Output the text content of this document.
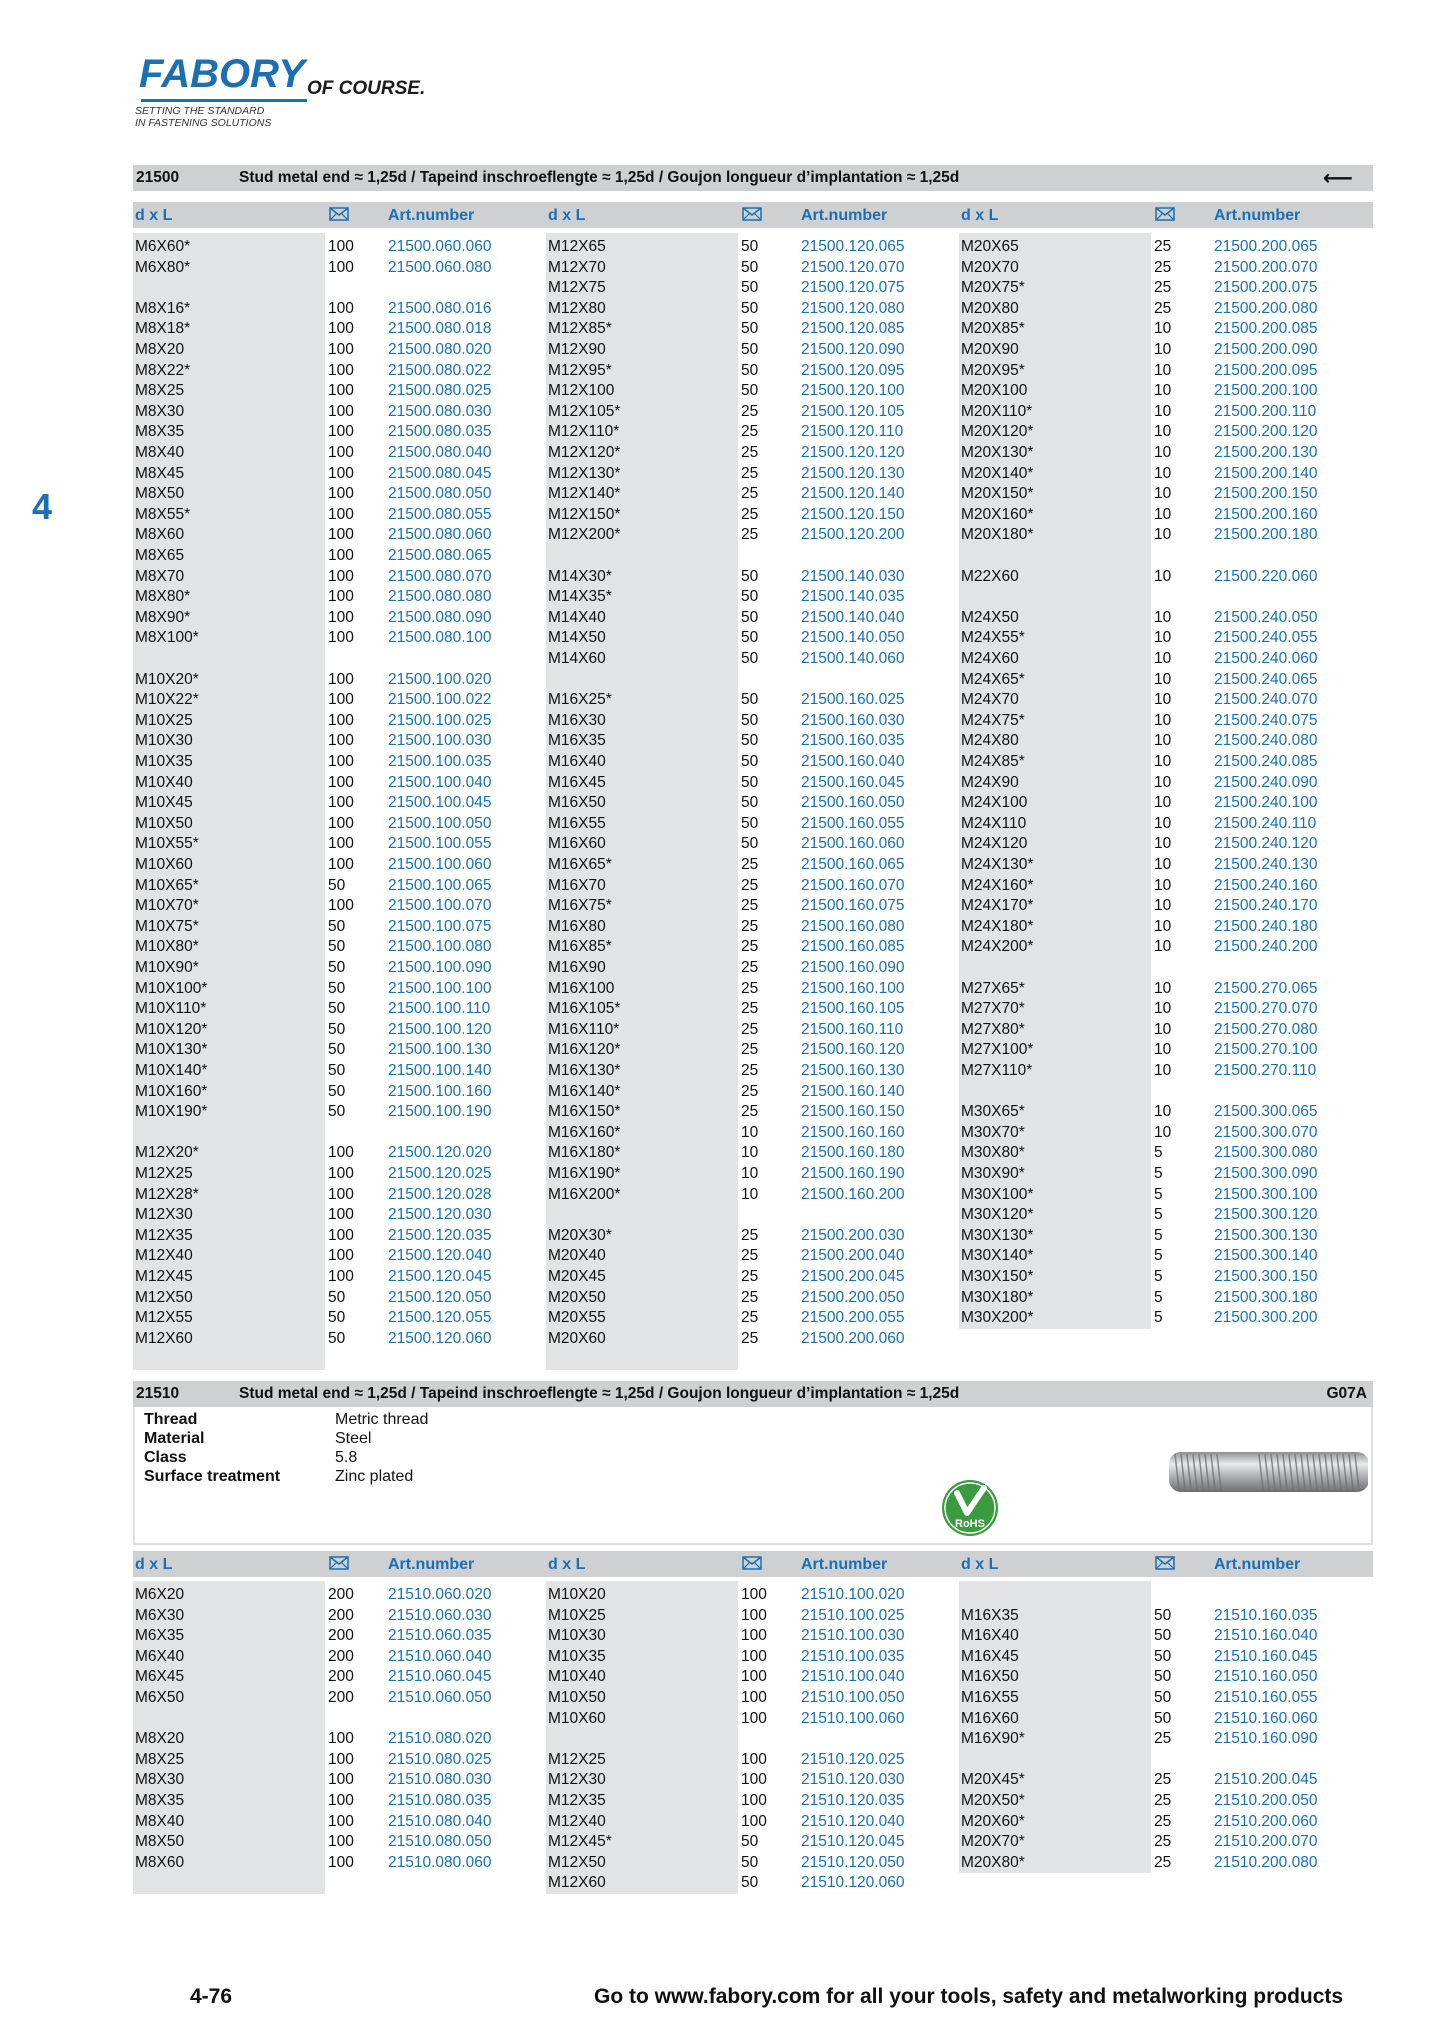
FABORY OF COURSE.
SETTING THE STANDARD
IN FASTENING SOLUTIONS
4
21500	Stud metal end ≈ 1,25d / Tapeind inschroeflengte ≈ 1,25d / Goujon longueur d’implantation ≈ 1,25d	⟵
d x L	Art.number	d x L	Art.number	d x L	Art.number
M6X60*	100 21500.060.060
M6X80*	100 21500.060.080
M8X16*	100 21500.080.016
M8X18*	100 21500.080.018
M8X20	100 21500.080.020
M8X22*	100 21500.080.022
M8X25	100 21500.080.025
M8X30	100 21500.080.030
M8X35	100 21500.080.035
M8X40	100 21500.080.040
M8X45	100 21500.080.045
M8X50	100 21500.080.050
M8X55*	100 21500.080.055
M8X60	100 21500.080.060
M8X65	100 21500.080.065
M8X70	100 21500.080.070
M8X80*	100 21500.080.080
M8X90*	100 21500.080.090
M8X100*	100 21500.080.100
M10X20*	100 21500.100.020
M10X22*	100 21500.100.022
M10X25	100 21500.100.025
M10X30	100 21500.100.030
M10X35	100 21500.100.035
M10X40	100 21500.100.040
M10X45	100 21500.100.045
M10X50	100 21500.100.050
M10X55*	100 21500.100.055
M10X60	100 21500.100.060
M10X65*	50	21500.100.065
M10X70*	100 21500.100.070
M10X75*	50	21500.100.075
M10X80*	50	21500.100.080
M10X90*	50	21500.100.090
M10X100*	50	21500.100.100
M10X110*	50	21500.100.110
M10X120*	50	21500.100.120
M10X130*	50	21500.100.130
M10X140*	50	21500.100.140
M10X160*	50	21500.100.160
M10X190*	50	21500.100.190
M12X20*	100 21500.120.020
M12X25	100 21500.120.025
M12X28*	100 21500.120.028
M12X30	100 21500.120.030
M12X35	100 21500.120.035
M12X40	100 21500.120.040
M12X45	100 21500.120.045
M12X50	50	21500.120.050
M12X55	50	21500.120.055
M12X60	50	21500.120.060
M12X65	50	21500.120.065
M12X70	50	21500.120.070
M12X75	50	21500.120.075
M12X80	50	21500.120.080
M12X85*	50	21500.120.085
M12X90	50	21500.120.090
M12X95*	50	21500.120.095
M12X100	50	21500.120.100
M12X105*	25	21500.120.105
M12X110*	25	21500.120.110
M12X120*	25	21500.120.120
M12X130*	25	21500.120.130
M12X140*	25	21500.120.140
M12X150*	25	21500.120.150
M12X200*	25	21500.120.200
M14X30*	50	21500.140.030
M14X35*	50	21500.140.035
M14X40	50	21500.140.040
M14X50	50	21500.140.050
M14X60	50	21500.140.060
M16X25*	50	21500.160.025
M16X30	50	21500.160.030
M16X35	50	21500.160.035
M16X40	50	21500.160.040
M16X45	50	21500.160.045
M16X50	50	21500.160.050
M16X55	50	21500.160.055
M16X60	50	21500.160.060
M16X65*	25	21500.160.065
M16X70	25	21500.160.070
M16X75*	25	21500.160.075
M16X80	25	21500.160.080
M16X85*	25	21500.160.085
M16X90	25	21500.160.090
M16X100	25	21500.160.100
M16X105*	25	21500.160.105
M16X110*	25	21500.160.110
M16X120*	25	21500.160.120
M16X130*	25	21500.160.130
M16X140*	25	21500.160.140
M16X150*	25	21500.160.150
M16X160*	10	21500.160.160
M16X180*	10	21500.160.180
M16X190*	10	21500.160.190
M16X200*	10	21500.160.200
M20X30*	25	21500.200.030
M20X40	25	21500.200.040
M20X45	25	21500.200.045
M20X50	25	21500.200.050
M20X55	25	21500.200.055
M20X60	25	21500.200.060
M20X65	25	21500.200.065
M20X70	25	21500.200.070
M20X75*	25	21500.200.075
M20X80	25	21500.200.080
M20X85*	10	21500.200.085
M20X90	10	21500.200.090
M20X95*	10	21500.200.095
M20X100	10	21500.200.100
M20X110*	10	21500.200.110
M20X120*	10	21500.200.120
M20X130*	10	21500.200.130
M20X140*	10	21500.200.140
M20X150*	10	21500.200.150
M20X160*	10	21500.200.160
M20X180*	10	21500.200.180
M22X60	10	21500.220.060
M24X50	10	21500.240.050
M24X55*	10	21500.240.055
M24X60	10	21500.240.060
M24X65*	10	21500.240.065
M24X70	10	21500.240.070
M24X75*	10	21500.240.075
M24X80	10	21500.240.080
M24X85*	10	21500.240.085
M24X90	10	21500.240.090
M24X100	10	21500.240.100
M24X110	10	21500.240.110
M24X120	10	21500.240.120
M24X130*	10	21500.240.130
M24X160*	10	21500.240.160
M24X170*	10	21500.240.170
M24X180*	10	21500.240.180
M24X200*	10	21500.240.200
M27X65*	10	21500.270.065
M27X70*	10	21500.270.070
M27X80*	10	21500.270.080
M27X100*	10	21500.270.100
M27X110*	10	21500.270.110
M30X65*	10	21500.300.065
M30X70*	10	21500.300.070
M30X80*	5	21500.300.080
M30X90*	5	21500.300.090
M30X100*	5	21500.300.100
M30X120*	5	21500.300.120
M30X130*	5	21500.300.130
M30X140*	5	21500.300.140
M30X150*	5	21500.300.150
M30X180*	5	21500.300.180
M30X200*	5	21500.300.200
21510	Stud metal end ≈ 1,25d / Tapeind inschroeflengte ≈ 1,25d / Goujon longueur d’implantation ≈ 1,25d	G07A
Thread	Metric thread
Material	Steel
Class	5.8
Surface treatment	Zinc plated
RoHS
d x L	Art.number	d x L	Art.number	d x L	Art.number
M6X20	200 21510.060.020
M6X30	200 21510.060.030
M6X35	200 21510.060.035
M6X40	200 21510.060.040
M6X45	200 21510.060.045
M6X50	200 21510.060.050
M8X20	100 21510.080.020
M8X25	100 21510.080.025
M8X30	100 21510.080.030
M8X35	100 21510.080.035
M8X40	100 21510.080.040
M8X50	100 21510.080.050
M8X60	100 21510.080.060
M10X20	100 21510.100.020
M10X25	100 21510.100.025
M10X30	100 21510.100.030
M10X35	100 21510.100.035
M10X40	100 21510.100.040
M10X50	100 21510.100.050
M10X60	100 21510.100.060
M12X25	100 21510.120.025
M12X30	100 21510.120.030
M12X35	100 21510.120.035
M12X40	100 21510.120.040
M12X45*	50	21510.120.045
M12X50	50	21510.120.050
M12X60	50	21510.120.060
M16X35	50	21510.160.035
M16X40	50	21510.160.040
M16X45	50	21510.160.045
M16X50	50	21510.160.050
M16X55	50	21510.160.055
M16X60	50	21510.160.060
M16X90*	25	21510.160.090
M20X45*	25	21510.200.045
M20X50*	25	21510.200.050
M20X60*	25	21510.200.060
M20X70*	25	21510.200.070
M20X80*	25	21510.200.080
4-76	Go to www.fabory.com for all your tools, safety and metalworking products
